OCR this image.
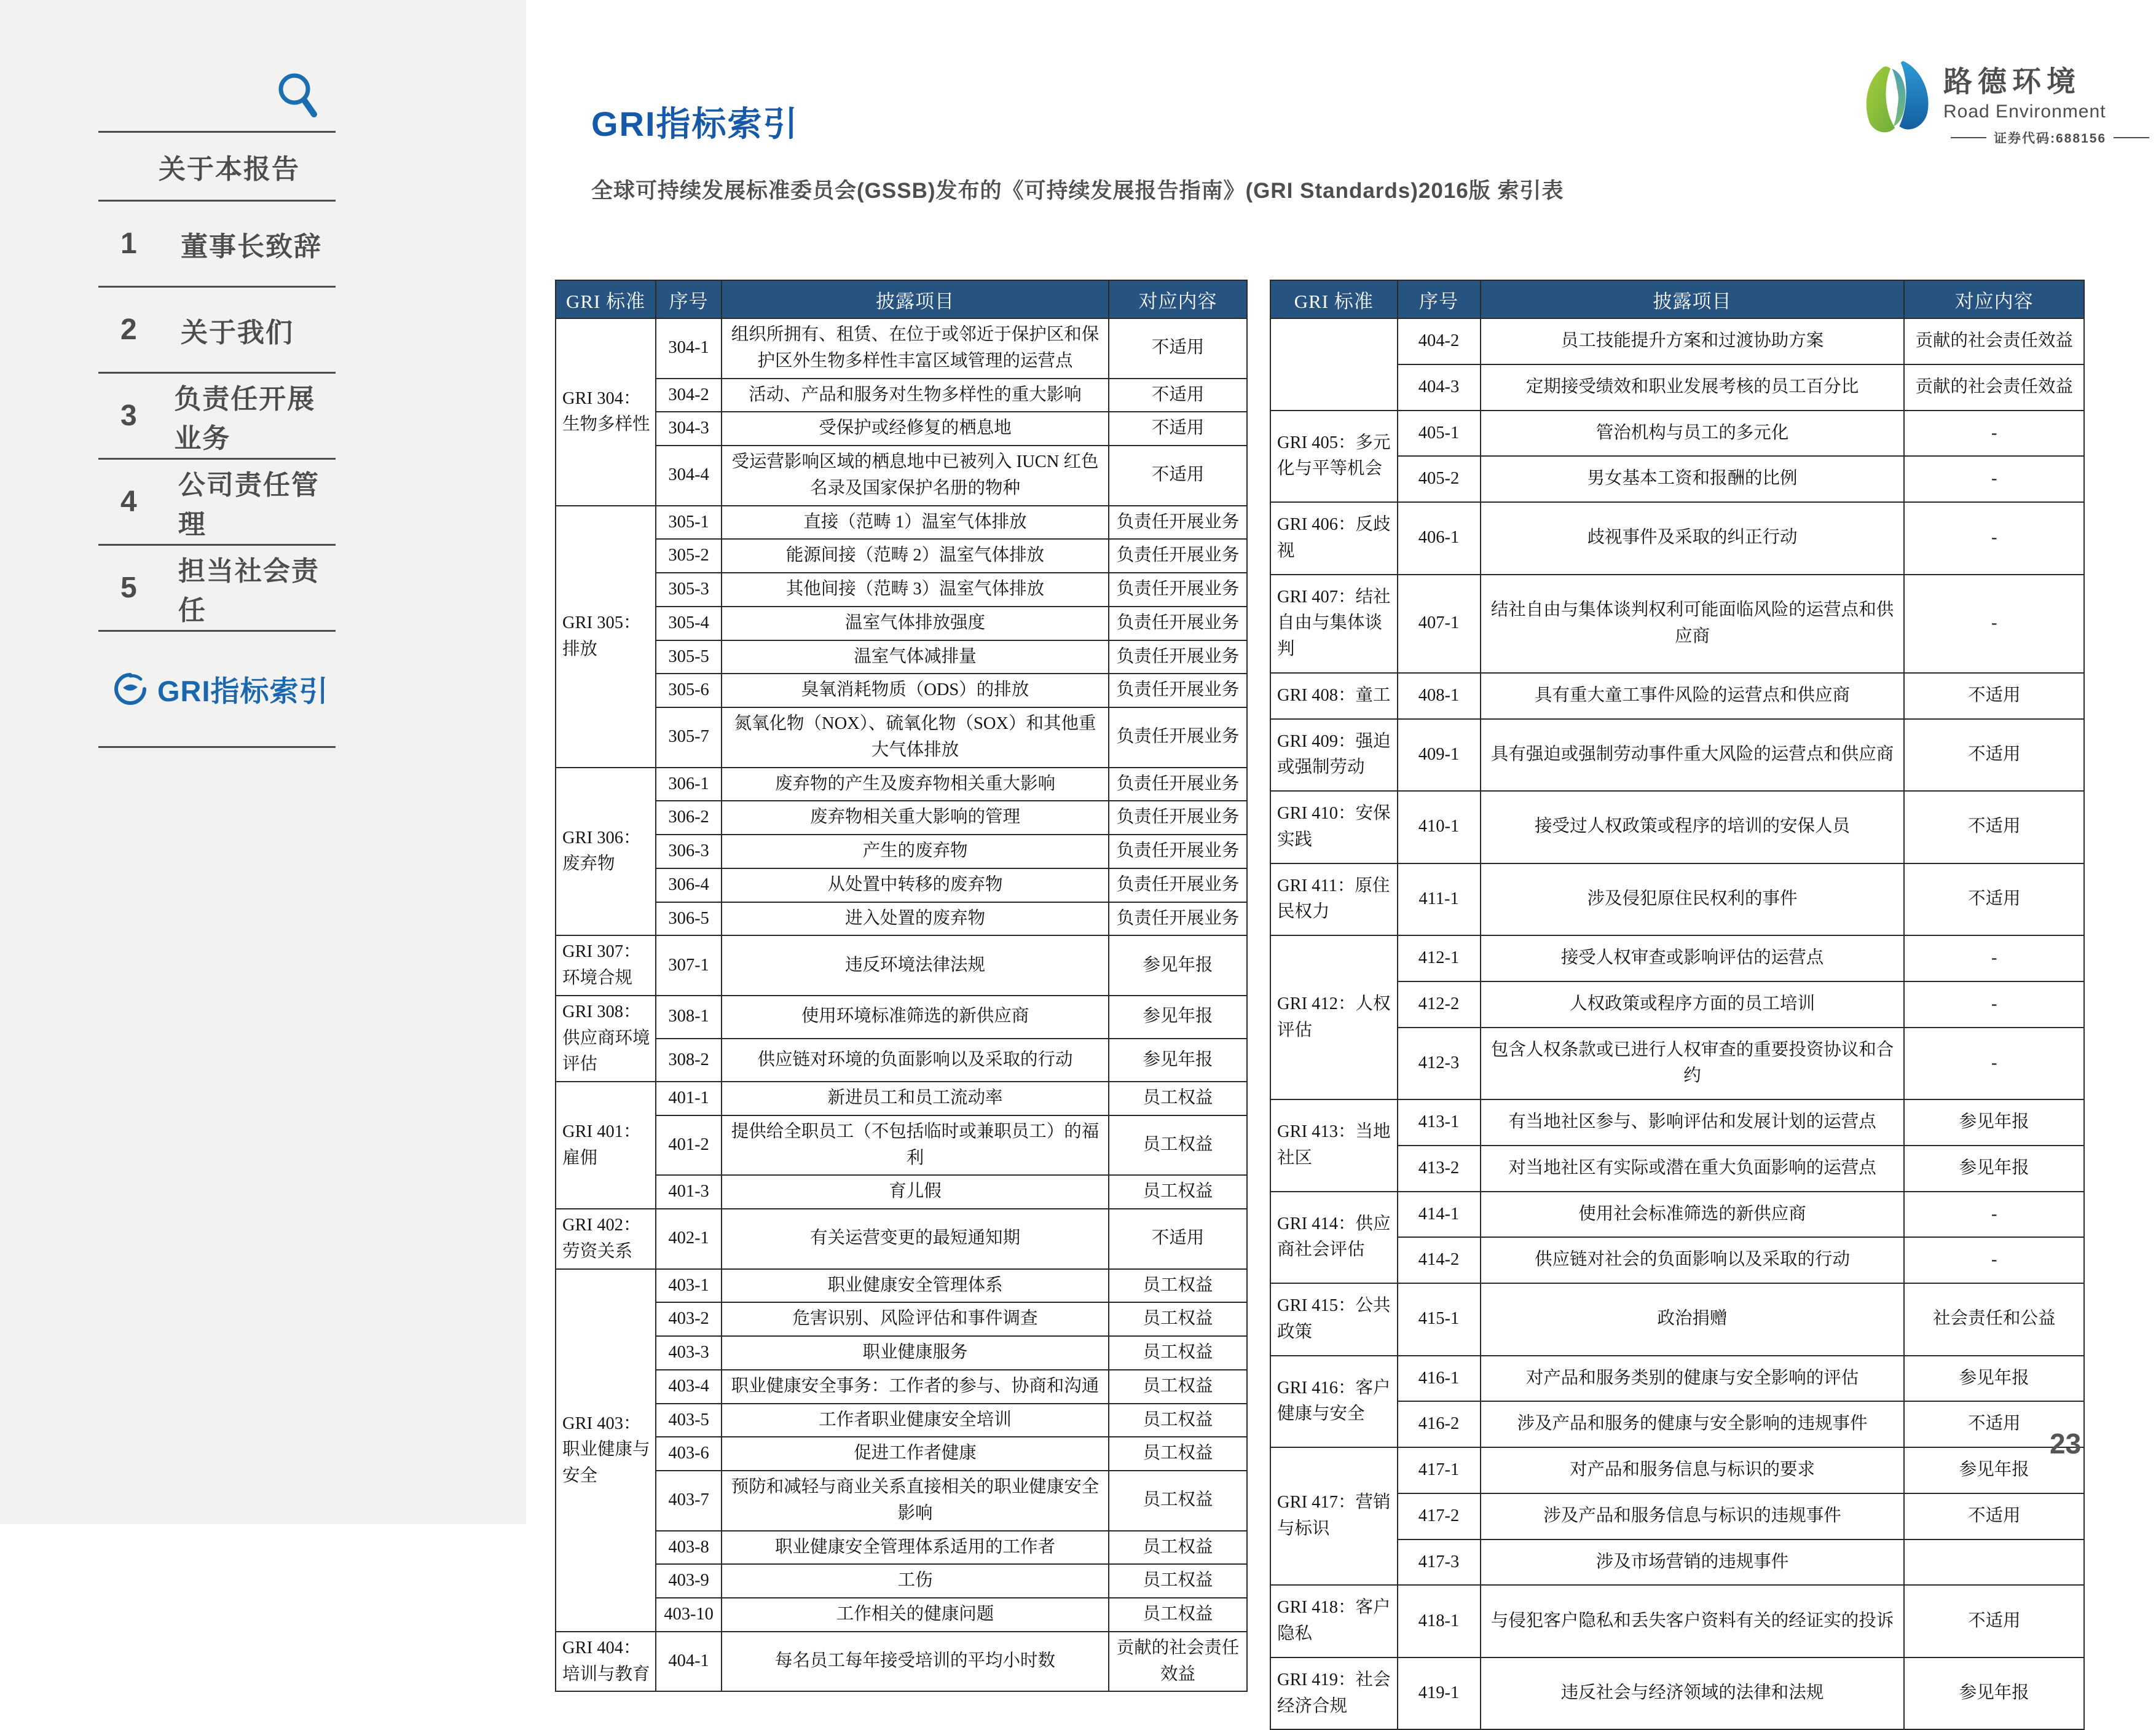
关于本报告
1	董事长致辞
2	关于我们
3
负责任开展业务
4
公司责任管理
5
担当社会责任
GRI指标索引
GRI指标索引
全球可持续发展标准委员会(GSSB)发布的《可持续发展报告指南》(GRI Standards)2016版 索引表
路德环境
Road Environment
证券代码:688156
GRI 标准	序号	披露项目	对应内容
GRI 304：生物多样性	304-1	组织所拥有、租赁、在位于或邻近于保护区和保护区外生物多样性丰富区域管理的运营点	不适用
	304-2	活动、产品和服务对生物多样性的重大影响	不适用
	304-3	受保护或经修复的栖息地	不适用
	304-4	受运营影响区域的栖息地中已被列入 IUCN 红色名录及国家保护名册的物种	不适用
GRI 305：排放	305-1	直接（范畴 1）温室气体排放	负责任开展业务
	305-2	能源间接（范畴 2）温室气体排放	负责任开展业务
	305-3	其他间接（范畴 3）温室气体排放	负责任开展业务
	305-4	温室气体排放强度	负责任开展业务
	305-5	温室气体减排量	负责任开展业务
	305-6	臭氧消耗物质（ODS）的排放	负责任开展业务
	305-7	氮氧化物（NOX）、硫氧化物（SOX）和其他重大气体排放	负责任开展业务
GRI 306：废弃物	306-1	废弃物的产生及废弃物相关重大影响	负责任开展业务
	306-2	废弃物相关重大影响的管理	负责任开展业务
	306-3	产生的废弃物	负责任开展业务
	306-4	从处置中转移的废弃物	负责任开展业务
	306-5	进入处置的废弃物	负责任开展业务
GRI 307：环境合规	307-1	违反环境法律法规	参见年报
GRI 308：供应商环境评估	308-1	使用环境标准筛选的新供应商	参见年报
	308-2	供应链对环境的负面影响以及采取的行动	参见年报
GRI 401：雇佣	401-1	新进员工和员工流动率	员工权益
	401-2	提供给全职员工（不包括临时或兼职员工）的福利	员工权益
	401-3	育儿假	员工权益
GRI 402：劳资关系	402-1	有关运营变更的最短通知期	不适用
GRI 403：职业健康与安全	403-1	职业健康安全管理体系	员工权益
	403-2	危害识别、风险评估和事件调查	员工权益
	403-3	职业健康服务	员工权益
	403-4	职业健康安全事务：工作者的参与、协商和沟通	员工权益
	403-5	工作者职业健康安全培训	员工权益
	403-6	促进工作者健康	员工权益
	403-7	预防和减轻与商业关系直接相关的职业健康安全影响	员工权益
	403-8	职业健康安全管理体系适用的工作者	员工权益
	403-9	工伤	员工权益
	403-10	工作相关的健康问题	员工权益
GRI 404：培训与教育	404-1	每名员工每年接受培训的平均小时数	贡献的社会责任效益
GRI 标准	序号	披露项目	对应内容
	404-2	员工技能提升方案和过渡协助方案	贡献的社会责任效益
	404-3	定期接受绩效和职业发展考核的员工百分比	贡献的社会责任效益
GRI 405：多元化与平等机会	405-1	管治机构与员工的多元化	-
	405-2	男女基本工资和报酬的比例	-
GRI 406：反歧视	406-1	歧视事件及采取的纠正行动	-
GRI 407：结社自由与集体谈判	407-1	结社自由与集体谈判权利可能面临风险的运营点和供应商	-
GRI 408：童工	408-1	具有重大童工事件风险的运营点和供应商	不适用
GRI 409：强迫或强制劳动	409-1	具有强迫或强制劳动事件重大风险的运营点和供应商	不适用
GRI 410：安保实践	410-1	接受过人权政策或程序的培训的安保人员	不适用
GRI 411：原住民权力	411-1	涉及侵犯原住民权利的事件	不适用
GRI 412：人权评估	412-1	接受人权审查或影响评估的运营点	-
	412-2	人权政策或程序方面的员工培训	-
	412-3	包含人权条款或已进行人权审查的重要投资协议和合约	-
GRI 413：当地社区	413-1	有当地社区参与、影响评估和发展计划的运营点	参见年报
	413-2	对当地社区有实际或潜在重大负面影响的运营点	参见年报
GRI 414：供应商社会评估	414-1	使用社会标准筛选的新供应商	-
	414-2	供应链对社会的负面影响以及采取的行动	-
GRI 415：公共政策	415-1	政治捐赠	社会责任和公益
GRI 416：客户健康与安全	416-1	对产品和服务类别的健康与安全影响的评估	参见年报
	416-2	涉及产品和服务的健康与安全影响的违规事件	不适用
GRI 417：营销与标识	417-1	对产品和服务信息与标识的要求	参见年报
	417-2	涉及产品和服务信息与标识的违规事件	不适用
	417-3	涉及市场营销的违规事件	
GRI 418：客户隐私	418-1	与侵犯客户隐私和丢失客户资料有关的经证实的投诉	不适用
GRI 419：社会经济合规	419-1	违反社会与经济领域的法律和法规	参见年报
23
